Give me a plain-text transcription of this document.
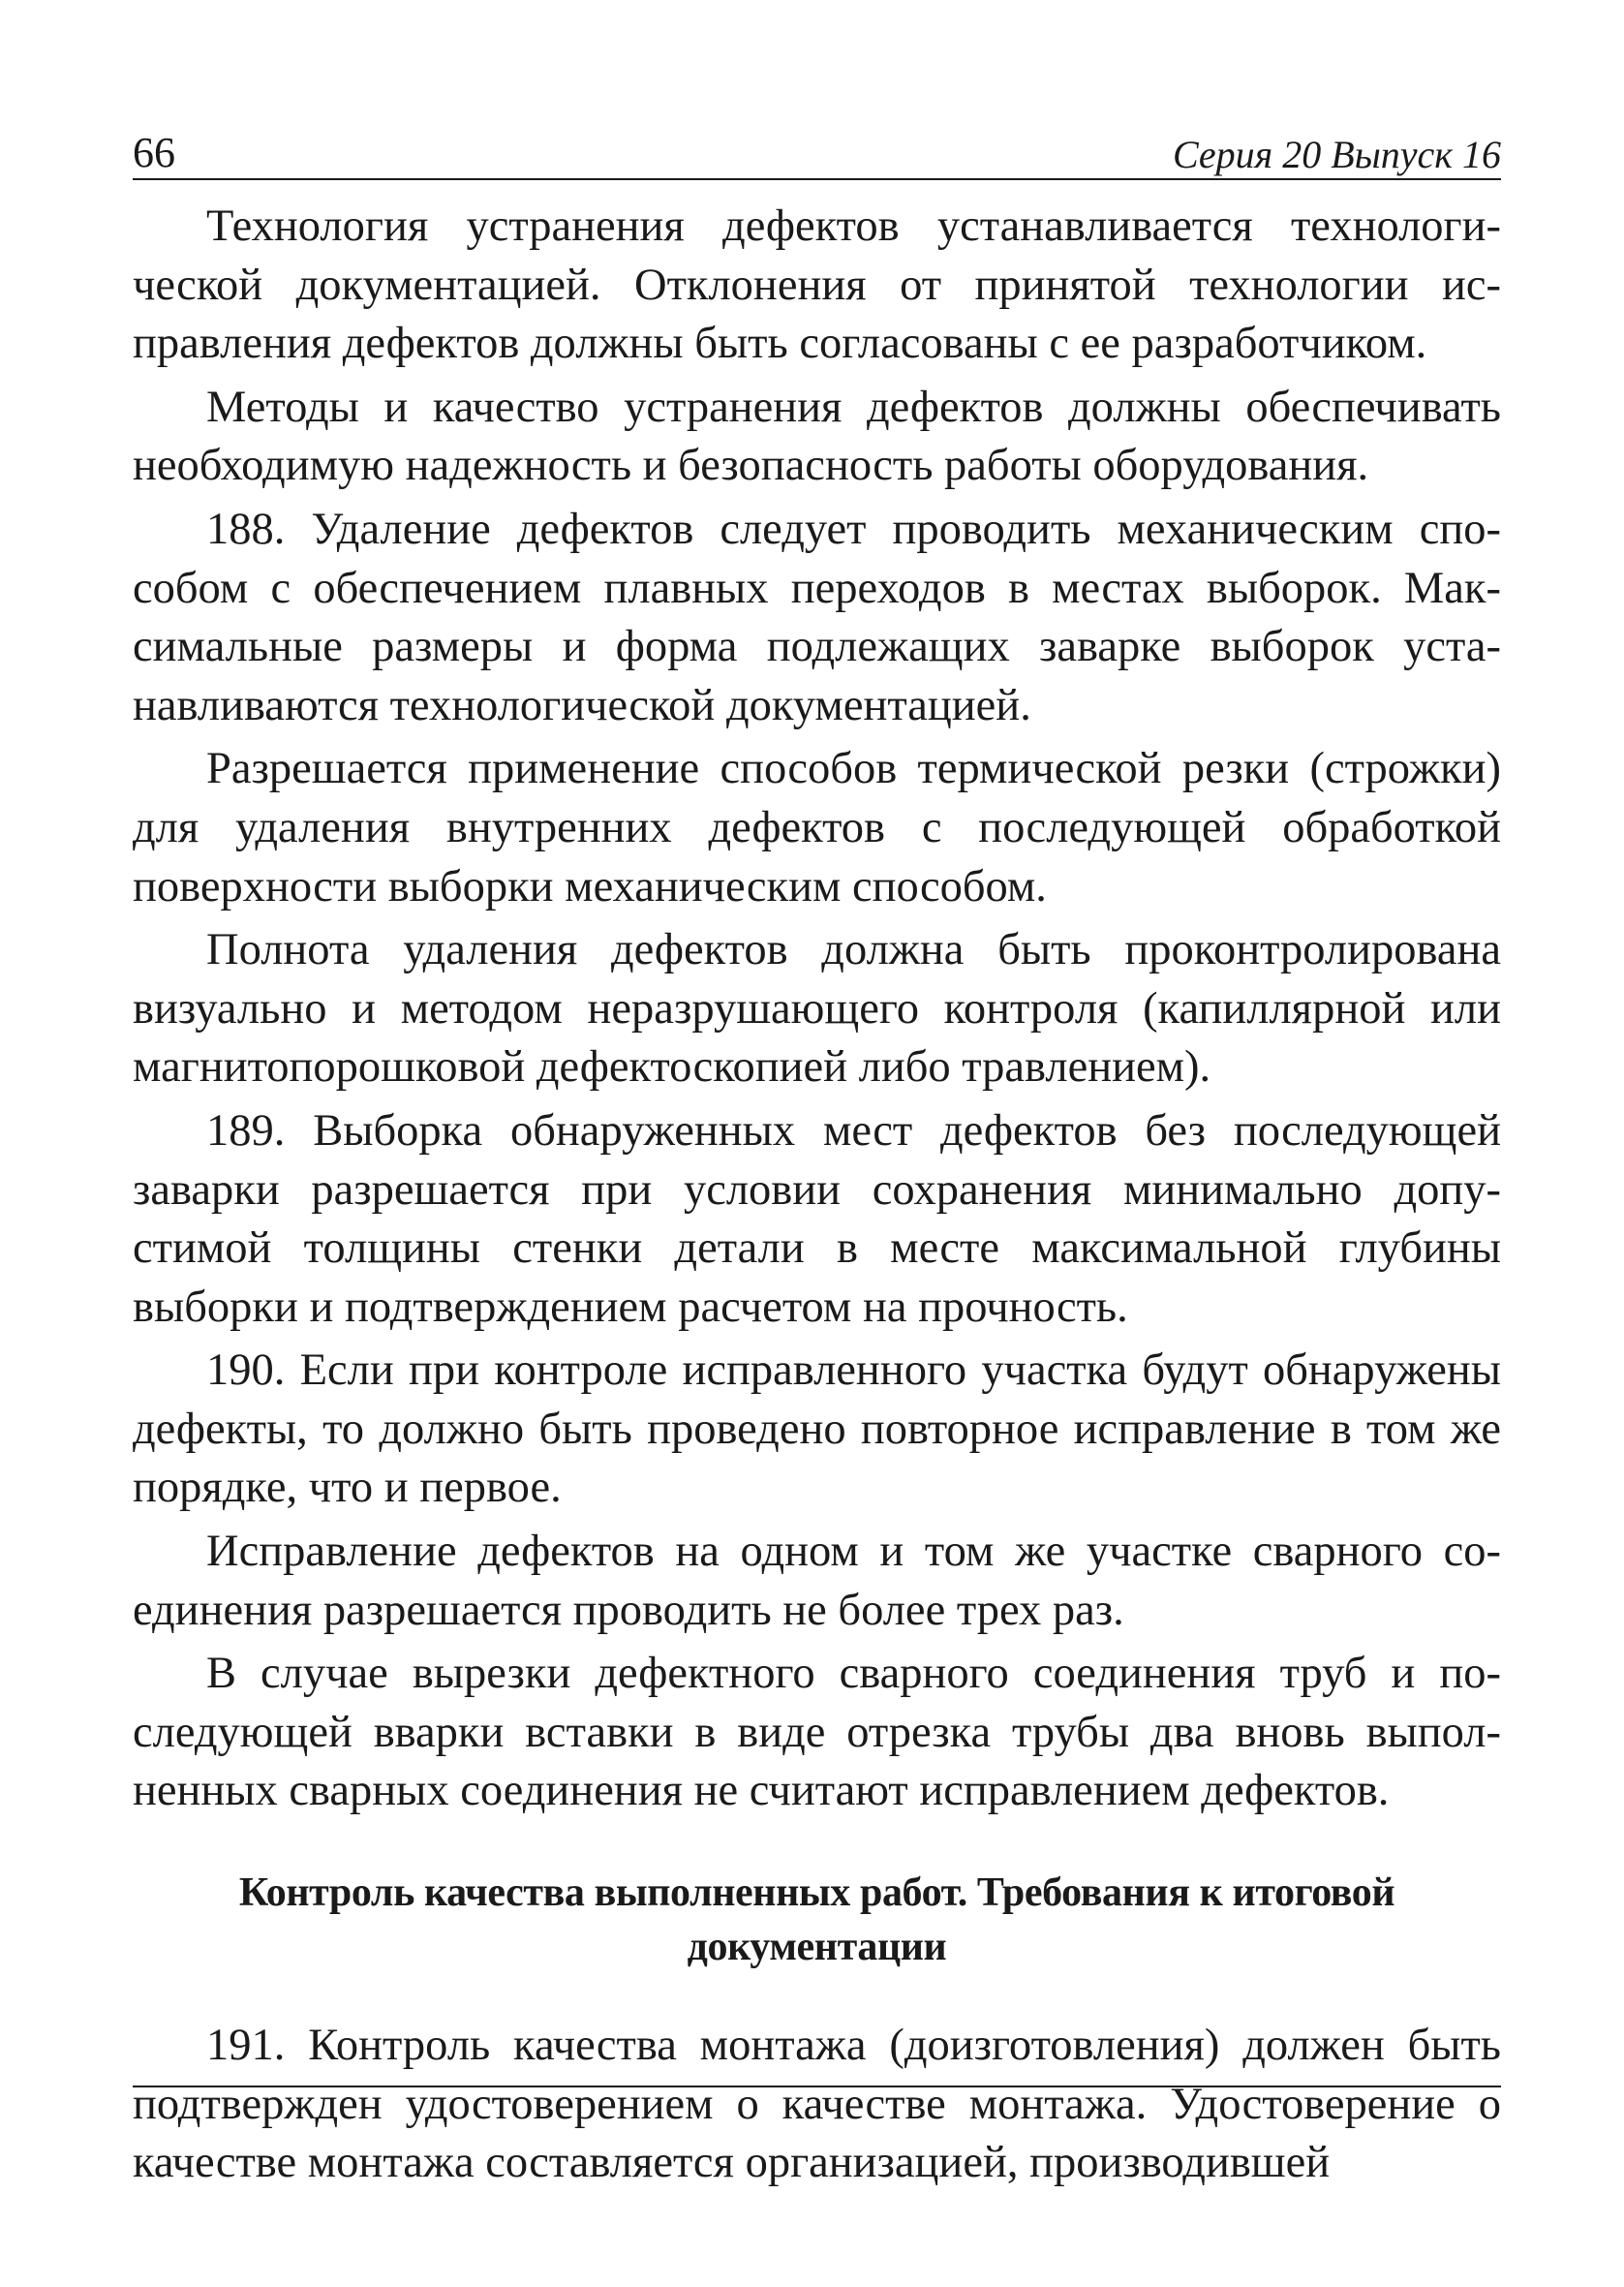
66	Серия 20 Выпуск 16

Технология устранения дефектов устанавливается технологической документацией. Отклонения от принятой технологии исправления дефектов должны быть согласованы с ее разработчиком.

Методы и качество устранения дефектов должны обеспечивать необходимую надежность и безопасность работы оборудования.

188. Удаление дефектов следует проводить механическим способом с обеспечением плавных переходов в местах выборок. Максимальные размеры и форма подлежащих заварке выборок устанавливаются технологической документацией.

Разрешается применение способов термической резки (строжки) для удаления внутренних дефектов с последующей обработкой поверхности выборки механическим способом.

Полнота удаления дефектов должна быть проконтролирована визуально и методом неразрушающего контроля (капиллярной или магнитопорошковой дефектоскопией либо травлением).

189. Выборка обнаруженных мест дефектов без последующей заварки разрешается при условии сохранения минимально допустимой толщины стенки детали в месте максимальной глубины выборки и подтверждением расчетом на прочность.

190. Если при контроле исправленного участка будут обнаружены дефекты, то должно быть проведено повторное исправление в том же порядке, что и первое.

Исправление дефектов на одном и том же участке сварного соединения разрешается проводить не более трех раз.

В случае вырезки дефектного сварного соединения труб и последующей вварки вставки в виде отрезка трубы два вновь выполненных сварных соединения не считают исправлением дефектов.

Контроль качества выполненных работ. Требования к итоговой документации

191. Контроль качества монтажа (доизготовления) должен быть подтвержден удостоверением о качестве монтажа. Удостоверение о качестве монтажа составляется организацией, производившей
